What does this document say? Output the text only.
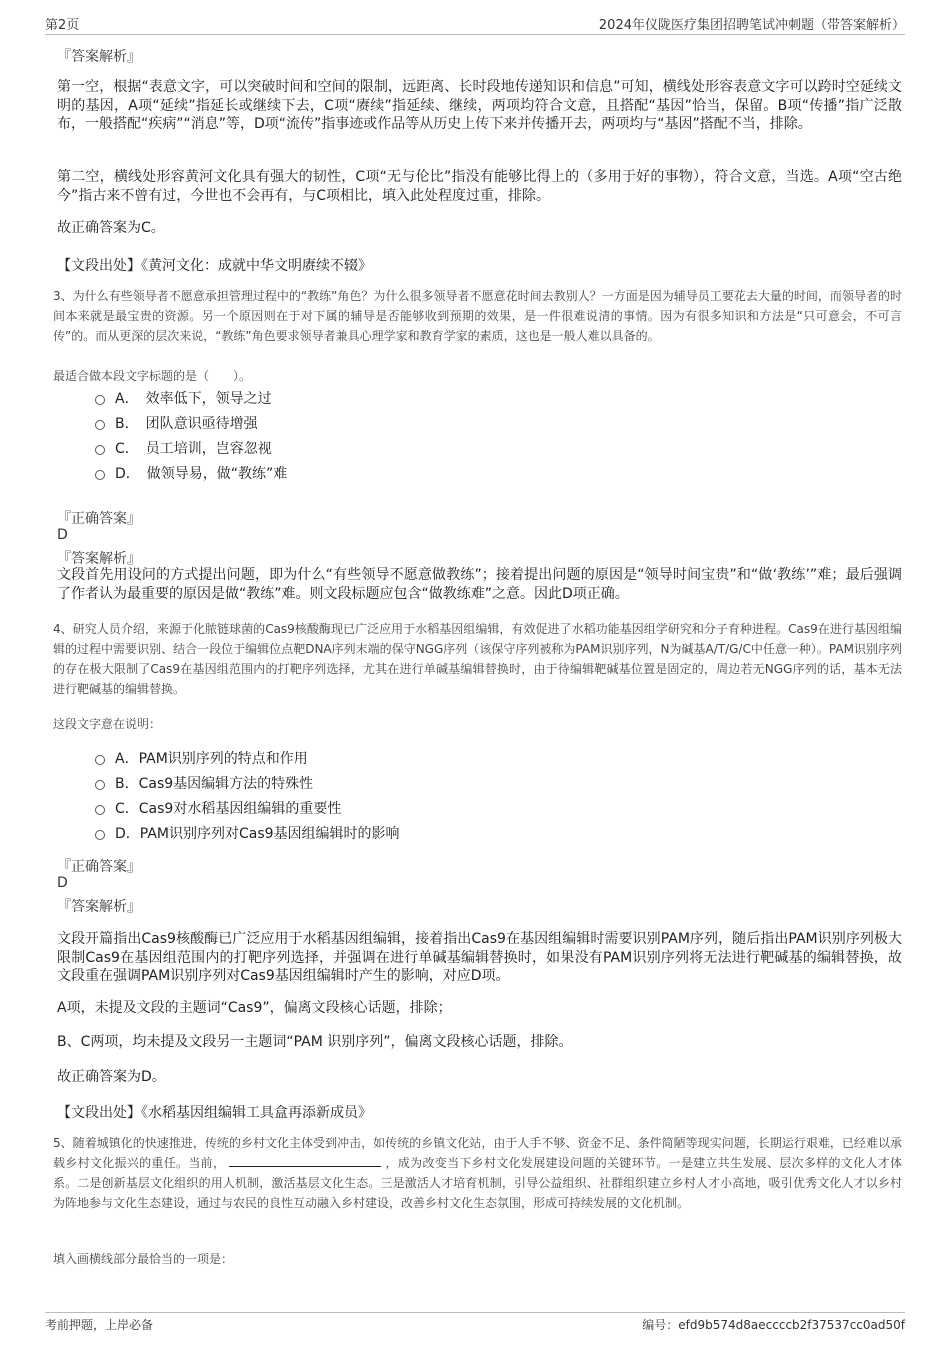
第2页	2024年仪陇医疗集团招聘笔试冲刺题（带答案解析）
『答案解析』

第一空，根据“表意文字，可以突破时间和空间的限制，远距离、长时段地传递知识和信息”可知，横线处形容表意文字可以跨时空延续文明的基因，A项“延续”指延长或继续下去，C项“赓续”指延续、继续，两项均符合文意，且搭配“基因”恰当，保留。B项“传播”指广泛散布，一般搭配“疾病”“消息”等，D项“流传”指事迹或作品等从历史上传下来并传播开去，两项均与“基因”搭配不当，排除。

第二空，横线处形容黄河文化具有强大的韧性，C项“无与伦比”指没有能够比得上的（多用于好的事物），符合文意，当选。A项“空古绝今”指古来不曾有过，今世也不会再有，与C项相比，填入此处程度过重，排除。

故正确答案为C。

【文段出处】《黄河文化：成就中华文明赓续不辍》

3、为什么有些领导者不愿意承担管理过程中的“教练”角色？为什么很多领导者不愿意花时间去教别人？一方面是因为辅导员工要花去大量的时间，而领导者的时间本来就是最宝贵的资源。另一个原因则在于对下属的辅导是否能够收到预期的效果，是一件很难说清的事情。因为有很多知识和方法是“只可意会，不可言传”的。而从更深的层次来说，“教练”角色要求领导者兼具心理学家和教育学家的素质，这也是一般人难以具备的。

最适合做本段文字标题的是（　　）。
A．　效率低下，领导之过
B．　团队意识亟待增强
C．　员工培训，岂容忽视
D．　做领导易，做“教练”难
『正确答案』
D
『答案解析』

文段首先用设问的方式提出问题，即为什么“有些领导不愿意做教练”；接着提出问题的原因是“领导时间宝贵”和“做‘教练’”难；最后强调了作者认为最重要的原因是做“教练”难。则文段标题应包含“做教练难”之意。因此D项正确。

4、研究人员介绍，来源于化脓链球菌的Cas9核酸酶现已广泛应用于水稻基因组编辑，有效促进了水稻功能基因组学研究和分子育种进程。Cas9在进行基因组编辑的过程中需要识别、结合一段位于编辑位点靶DNA序列末端的保守NGG序列（该保守序列被称为PAM识别序列，N为碱基A/T/G/C中任意一种）。PAM识别序列的存在极大限制了Cas9在基因组范围内的打靶序列选择，尤其在进行单碱基编辑替换时，由于待编辑靶碱基位置是固定的，周边若无NGG序列的话，基本无法进行靶碱基的编辑替换。

这段文字意在说明：
A．PAM识别序列的特点和作用
B．Cas9基因编辑方法的特殊性
C．Cas9对水稻基因组编辑的重要性
D．PAM识别序列对Cas9基因组编辑时的影响
『正确答案』
D
『答案解析』

文段开篇指出Cas9核酸酶已广泛应用于水稻基因组编辑，接着指出Cas9在基因组编辑时需要识别PAM序列，随后指出PAM识别序列极大限制Cas9在基因组范围内的打靶序列选择，并强调在进行单碱基编辑替换时，如果没有PAM识别序列将无法进行靶碱基的编辑替换，故文段重在强调PAM识别序列对Cas9基因组编辑时产生的影响，对应D项。

A项，未提及文段的主题词“Cas9”，偏离文段核心话题，排除；

B、C两项，均未提及文段另一主题词“PAM 识别序列”，偏离文段核心话题，排除。

故正确答案为D。

【文段出处】《水稻基因组编辑工具盒再添新成员》

5、随着城镇化的快速推进，传统的乡村文化主体受到冲击，如传统的乡镇文化站，由于人手不够、资金不足、条件简陋等现实问题，长期运行艰难，已经难以承载乡村文化振兴的重任。当前，	，成为改变当下乡村文化发展建设问题的关键环节。一是建立共生发展、层次多样的文化人才体系。二是创新基层文化组织的用人机制，激活基层文化生态。三是激活人才培育机制，引导公益组织、社群组织建立乡村人才小高地，吸引优秀文化人才以乡村为阵地参与文化生态建设，通过与农民的良性互动融入乡村建设，改善乡村文化生态氛围，形成可持续发展的文化机制。

填入画横线部分最恰当的一项是：
考前押题，上岸必备	编号：efd9b574d8aeccccb2f37537cc0ad50f
